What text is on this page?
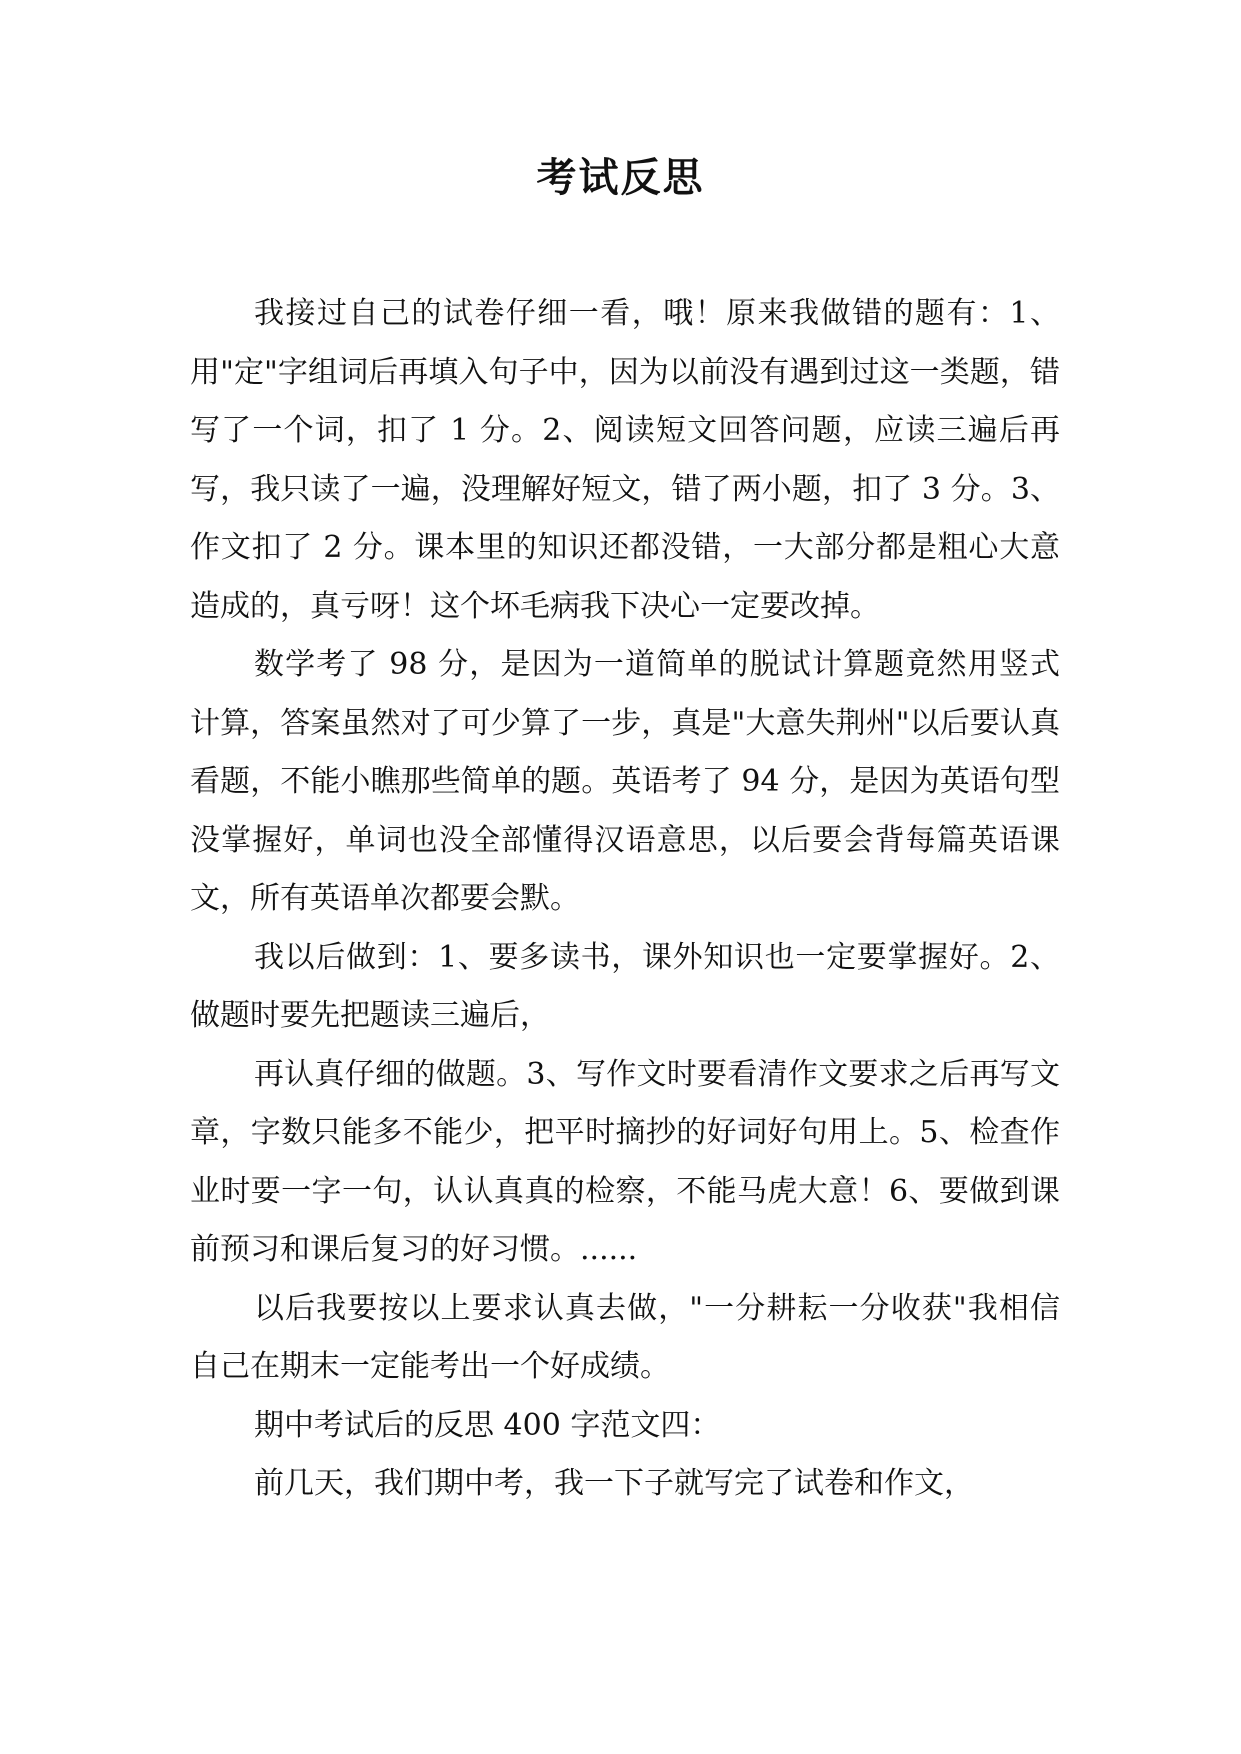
考试反思

我接过自己的试卷仔细一看，哦！原来我做错的题有：1、用"定"字组词后再填入句子中，因为以前没有遇到过这一类题，错写了一个词，扣了 1 分。2、阅读短文回答问题，应读三遍后再写，我只读了一遍，没理解好短文，错了两小题，扣了 3 分。3、作文扣了 2 分。课本里的知识还都没错，一大部分都是粗心大意造成的，真亏呀！这个坏毛病我下决心一定要改掉。

数学考了 98 分，是因为一道简单的脱试计算题竟然用竖式计算，答案虽然对了可少算了一步，真是"大意失荆州"以后要认真看题，不能小瞧那些简单的题。英语考了 94 分，是因为英语句型没掌握好，单词也没全部懂得汉语意思，以后要会背每篇英语课文，所有英语单次都要会默。

我以后做到：1、要多读书，课外知识也一定要掌握好。2、做题时要先把题读三遍后，

再认真仔细的做题。3、写作文时要看清作文要求之后再写文章，字数只能多不能少，把平时摘抄的好词好句用上。5、检查作业时要一字一句，认认真真的检察，不能马虎大意！6、要做到课前预习和课后复习的好习惯。......

以后我要按以上要求认真去做，"一分耕耘一分收获"我相信自己在期末一定能考出一个好成绩。

期中考试后的反思 400 字范文四：

前几天，我们期中考，我一下子就写完了试卷和作文，
